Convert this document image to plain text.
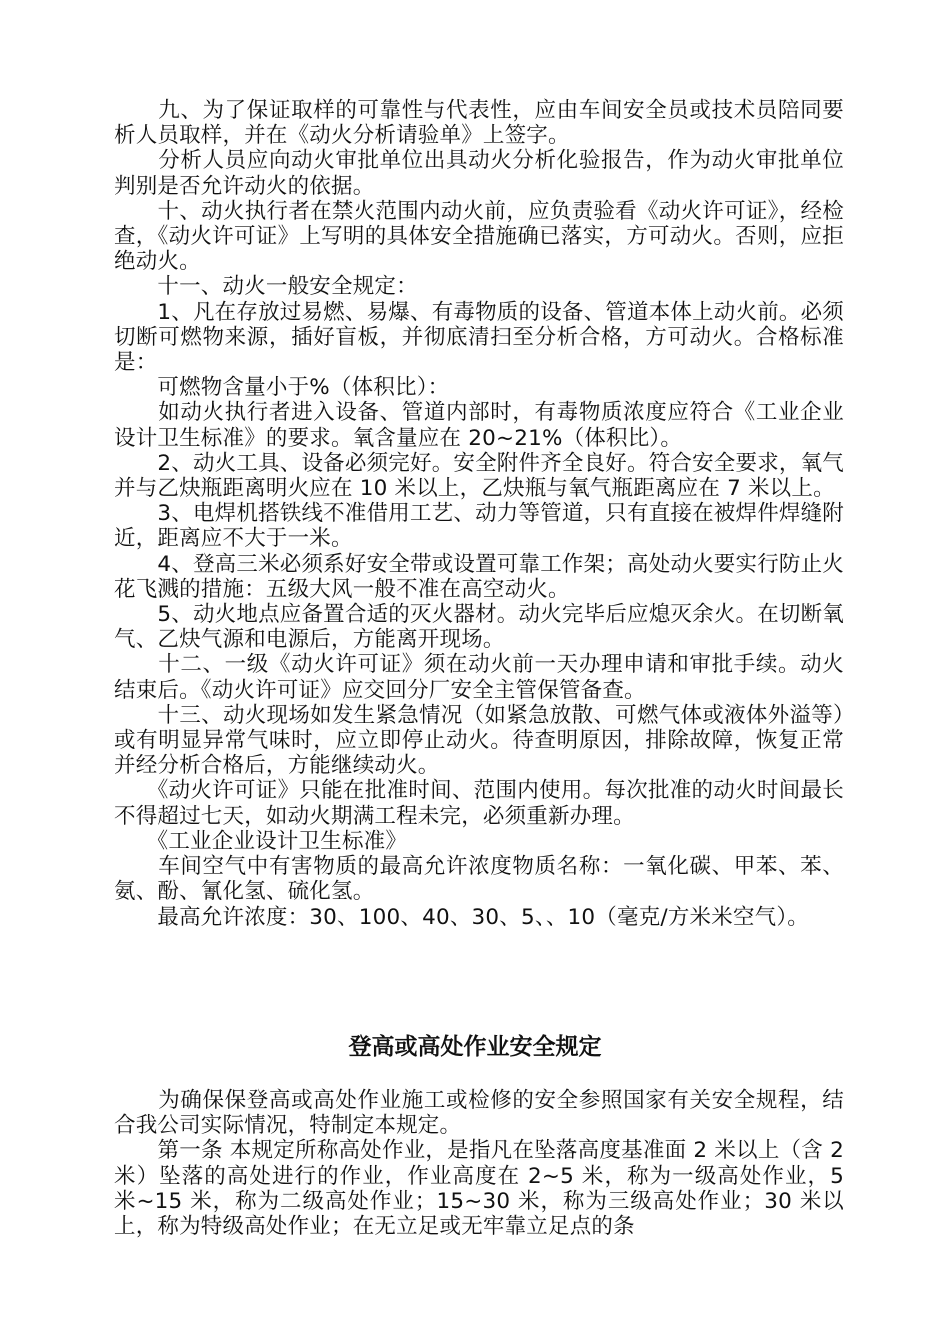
　　九、为了保证取样的可靠性与代表性，应由车间安全员或技术员陪同要析人员取样，并在《动火分析请验单》上签字。

　　分析人员应向动火审批单位出具动火分析化验报告，作为动火审批单位判别是否允许动火的依据。

　　十、动火执行者在禁火范围内动火前，应负责验看《动火许可证》，经检查，《动火许可证》上写明的具体安全措施确已落实，方可动火。否则，应拒绝动火。

　　十一、动火一般安全规定：

　　1、凡在存放过易燃、易爆、有毒物质的设备、管道本体上动火前。必须切断可燃物来源，插好盲板，并彻底清扫至分析合格，方可动火。合格标准是：

　　可燃物含量小于%（体积比）：

　　如动火执行者进入设备、管道内部时，有毒物质浓度应符合《工业企业设计卫生标准》的要求。氧含量应在 20~21%（体积比）。

　　2、动火工具、设备必须完好。安全附件齐全良好。符合安全要求，氧气并与乙炔瓶距离明火应在 10 米以上，乙炔瓶与氧气瓶距离应在 7 米以上。

　　3、电焊机搭铁线不准借用工艺、动力等管道，只有直接在被焊件焊缝附近，距离应不大于一米。

　　4、登高三米必须系好安全带或设置可靠工作架；高处动火要实行防止火花飞溅的措施：五级大风一般不准在高空动火。

　　5、动火地点应备置合适的灭火器材。动火完毕后应熄灭余火。在切断氧气、乙炔气源和电源后，方能离开现场。

　　十二、一级《动火许可证》须在动火前一天办理申请和审批手续。动火结束后。《动火许可证》应交回分厂安全主管保管备查。

　　十三、动火现场如发生紧急情况（如紧急放散、可燃气体或液体外溢等）或有明显异常气味时，应立即停止动火。待查明原因，排除故障，恢复正常并经分析合格后，方能继续动火。

　　《动火许可证》只能在批准时间、范围内使用。每次批准的动火时间最长不得超过七天，如动火期满工程未完，必须重新办理。

　　《工业企业设计卫生标准》

　　车间空气中有害物质的最高允许浓度物质名称：一氧化碳、甲苯、苯、氨、酚、氰化氢、硫化氢。

　　最高允许浓度：30、100、40、30、5、、10（毫克/方米米空气）。

登高或高处作业安全规定

　　为确保保登高或高处作业施工或检修的安全参照国家有关安全规程，结合我公司实际情况，特制定本规定。

　　第一条 本规定所称高处作业，是指凡在坠落高度基准面 2 米以上（含 2 米）坠落的高处进行的作业，作业高度在 2~5 米，称为一级高处作业，5 米~15 米，称为二级高处作业；15~30 米，称为三级高处作业；30 米以上，称为特级高处作业；在无立足或无牢靠立足点的条
